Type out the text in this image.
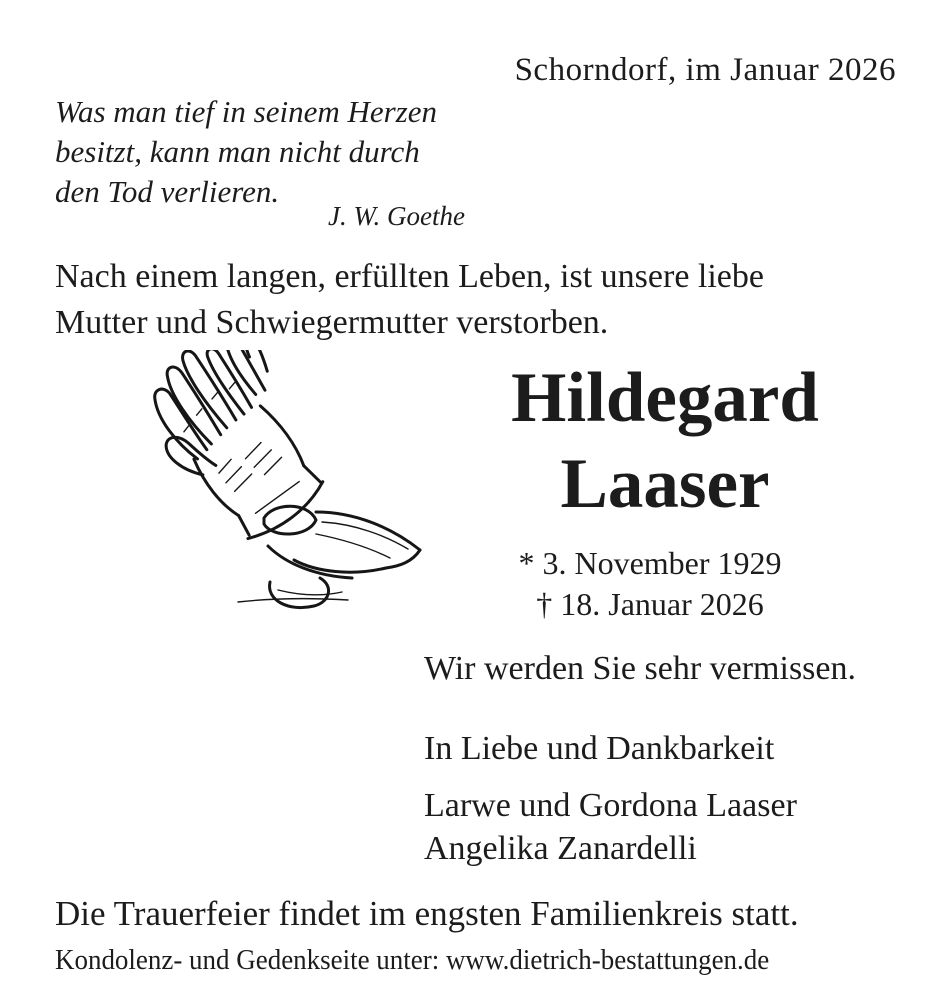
Schorndorf, im Januar 2026
Was man tief in seinem Herzen
besitzt, kann man nicht durch
den Tod verlieren.
J. W. Goethe
Nach einem langen, erfüllten Leben, ist unsere liebe
Mutter und Schwiegermutter verstorben.
Hildegard
Laaser
* 3. November 1929
† 18. Januar 2026
Wir werden Sie sehr vermissen.
In Liebe und Dankbarkeit
Larwe und Gordona Laaser
Angelika Zanardelli
Die Trauerfeier findet im engsten Familienkreis statt.
Kondolenz- und Gedenkseite unter: www.dietrich-bestattungen.de
